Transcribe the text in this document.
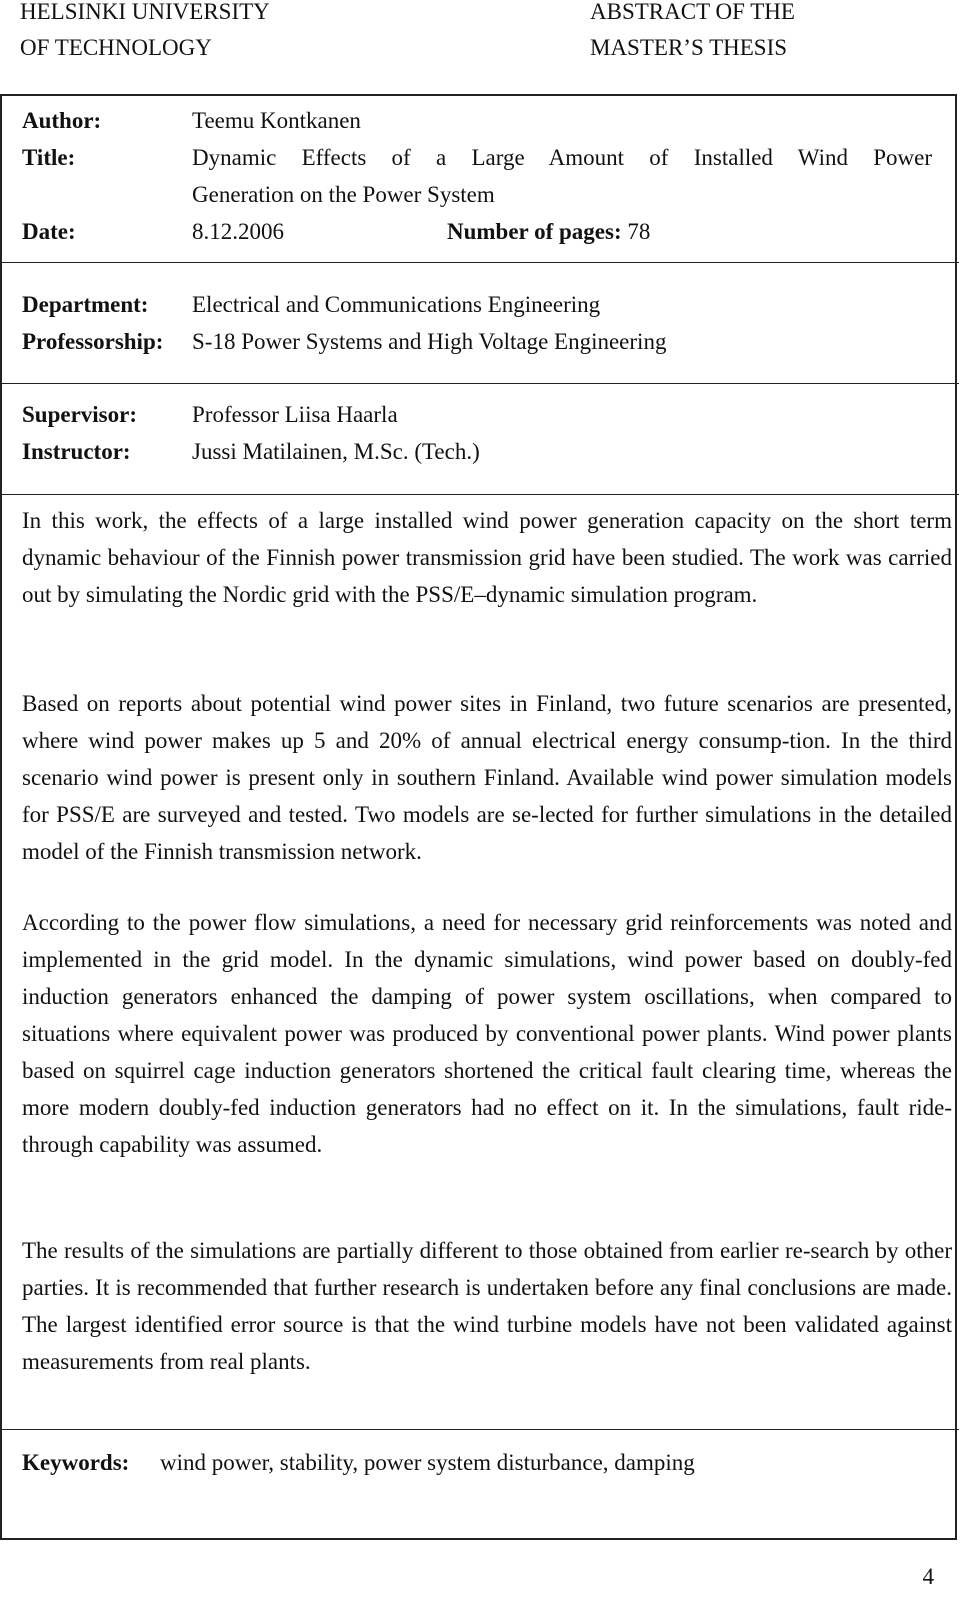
HELSINKI UNIVERSITY
OF TECHNOLOGY
ABSTRACT OF THE
MASTER’S THESIS
Author:	Teemu Kontkanen
Title:	Dynamic Effects of a Large Amount of Installed Wind Power
Generation on the Power System
Date:	8.12.2006	Number of pages: 78
Department: Electrical and Communications Engineering
Professorship: S-18 Power Systems and High Voltage Engineering
Supervisor: Professor Liisa Haarla
Instructor:	Jussi Matilainen, M.Sc. (Tech.)

In this work, the effects of a large installed wind power generation capacity on the short term dynamic behaviour of the Finnish power transmission grid have been studied. The work was carried out by simulating the Nordic grid with the PSS/E–dynamic simulation program.

Based on reports about potential wind power sites in Finland, two future scenarios are presented, where wind power makes up 5 and 20% of annual electrical energy consump-tion. In the third scenario wind power is present only in southern Finland. Available wind power simulation models for PSS/E are surveyed and tested. Two models are se-lected for further simulations in the detailed model of the Finnish transmission network.

According to the power flow simulations, a need for necessary grid reinforcements was noted and implemented in the grid model. In the dynamic simulations, wind power based on doubly-fed induction generators enhanced the damping of power system oscillations, when compared to situations where equivalent power was produced by conventional power plants. Wind power plants based on squirrel cage induction generators shortened the critical fault clearing time, whereas the more modern doubly-fed induction generators had no effect on it. In the simulations, fault ride-through capability was assumed.

The results of the simulations are partially different to those obtained from earlier re-search by other parties. It is recommended that further research is undertaken before any final conclusions are made. The largest identified error source is that the wind turbine models have not been validated against measurements from real plants.

Keywords: wind power, stability, power system disturbance, damping
4
